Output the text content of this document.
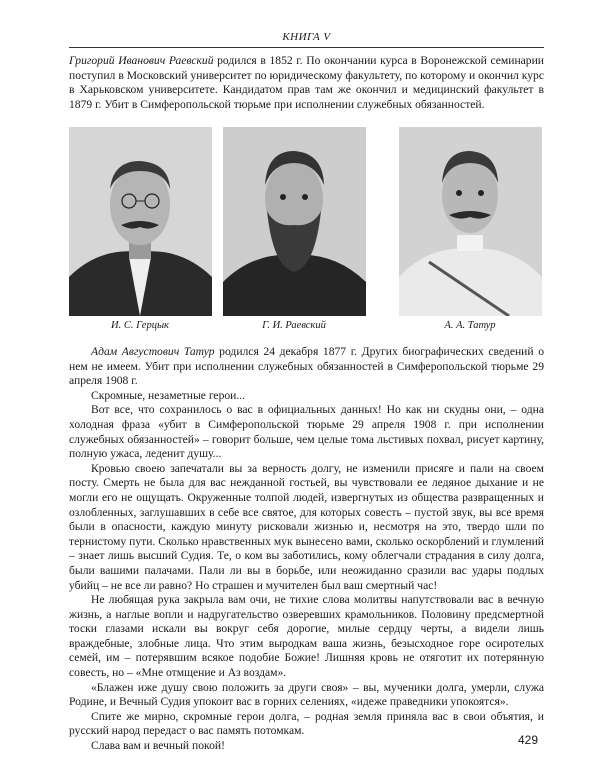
КНИГА V

Григорий Иванович Раевский родился в 1852 г. По окончании курса в Воронежской семинарии поступил в Московский университет по юридическому факультету, по которому и окончил курс в Харьковском университете. Кандидатом прав там же окончил и медицинский факультет в 1879 г. Убит в Симферопольской тюрьме при исполнении служебных обязанностей.

И. С. Герцык	Г. И. Раевский	А. А. Татур

Адам Августович Татур родился 24 декабря 1877 г. Других биографических сведений о нем не имеем. Убит при исполнении служебных обязанностей в Симферопольской тюрьме 29 апреля 1908 г.

Скромные, незаметные герои...

Вот все, что сохранилось о вас в официальных данных! Но как ни скудны они, – одна холодная фраза «убит в Симферопольской тюрьме 29 апреля 1908 г. при исполнении служебных обязанностей» – говорит больше, чем целые тома льстивых похвал, рисует картину, полную ужаса, леденит душу...

Кровью своею запечатали вы за верность долгу, не изменили присяге и пали на своем посту. Смерть не была для вас нежданной гостьей, вы чувствовали ее ледяное дыхание и не могли его не ощущать. Окруженные толпой людей, извергнутых из общества развращенных и озлобленных, заглушавших в себе все святое, для которых совесть – пустой звук, вы все время были в опасности, каждую минуту рисковали жизнью и, несмотря на это, твердо шли по тернистому пути. Сколько нравственных мук вынесено вами, сколько оскорблений и глумлений – знает лишь высший Судия. Те, о ком вы заботились, кому облегчали страдания в силу долга, были вашими палачами. Пали ли вы в борьбе, или неожиданно сразили вас удары подлых убийц – не все ли равно? Но страшен и мучителен был ваш смертный час!

Не любящая рука закрыла вам очи, не тихие слова молитвы напутствовали вас в вечную жизнь, а наглые вопли и надругательство озверевших крамольников. Половину предсмертной тоски глазами искали вы вокруг себя дорогие, милые сердцу черты, а видели лишь враждебные, злобные лица. Что этим выродкам ваша жизнь, безысходное горе осиротелых семей, им – потерявшим всякое подобие Божие! Лишняя кровь не отяготит их потерянную совесть, но – «Мне отмщение и Аз воздам».

«Блажен иже душу свою положить за други своя» – вы, мученики долга, умерли, служа Родине, и Вечный Судия упокоит вас в горних селениях, «идеже праведники упокоятся».

Спите же мирно, скромные герои долга, – родная земля приняла вас в свои объятия, и русский народ передаст о вас память потомкам.

Слава вам и вечный покой!	429
